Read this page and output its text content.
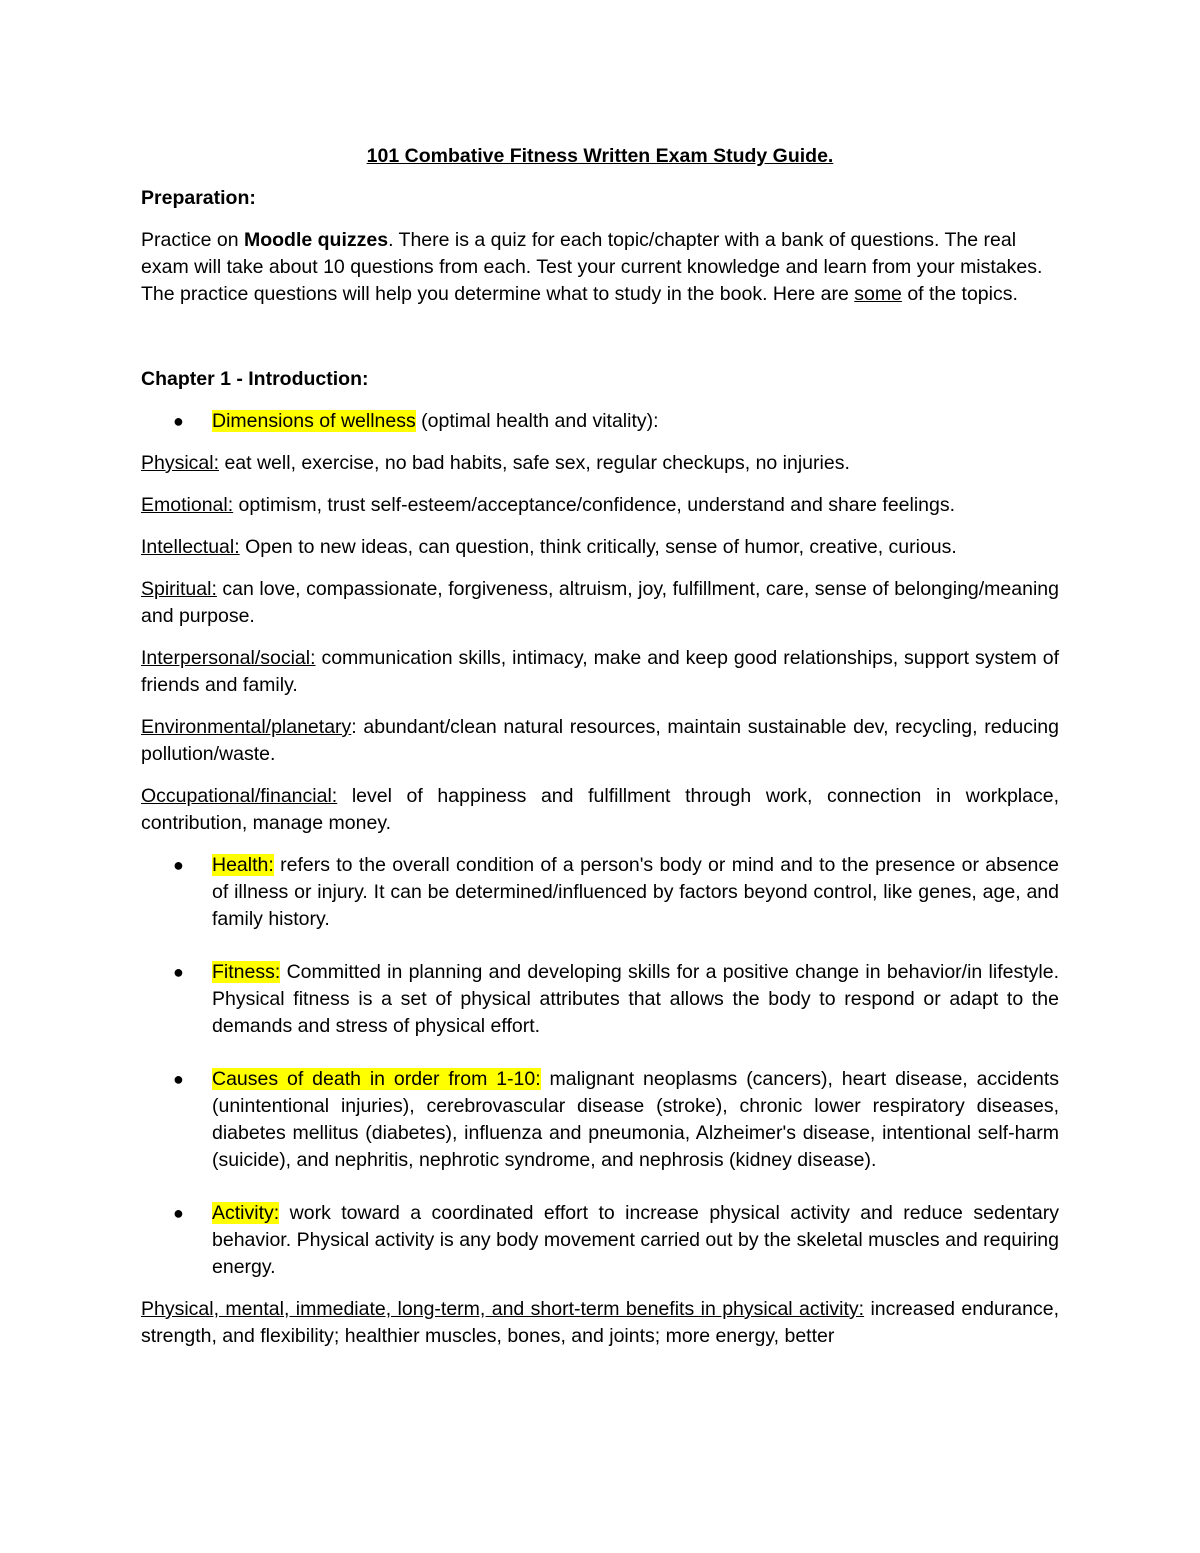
101 Combative Fitness Written Exam Study Guide.
Preparation:

Practice on Moodle quizzes. There is a quiz for each topic/chapter with a bank of questions. The real exam will take about 10 questions from each. Test your current knowledge and learn from your mistakes. The practice questions will help you determine what to study in the book. Here are some of the topics.

Chapter 1 - Introduction:
● Dimensions of wellness (optimal health and vitality):

Physical: eat well, exercise, no bad habits, safe sex, regular checkups, no injuries.

Emotional: optimism, trust self-esteem/acceptance/confidence, understand and share feelings.

Intellectual: Open to new ideas, can question, think critically, sense of humor, creative, curious.

Spiritual: can love, compassionate, forgiveness, altruism, joy, fulfillment, care, sense of belonging/meaning and purpose.

Interpersonal/social: communication skills, intimacy, make and keep good relationships, support system of friends and family.

Environmental/planetary: abundant/clean natural resources, maintain sustainable dev, recycling, reducing pollution/waste.

Occupational/financial: level of happiness and fulfillment through work, connection in workplace, contribution, manage money.

● Health: refers to the overall condition of a person's body or mind and to the presence or absence of illness or injury. It can be determined/influenced by factors beyond control, like genes, age, and family history.
● Fitness: Committed in planning and developing skills for a positive change in behavior/in lifestyle. Physical fitness is a set of physical attributes that allows the body to respond or adapt to the demands and stress of physical effort.
● Causes of death in order from 1-10: malignant neoplasms (cancers), heart disease, accidents (unintentional injuries), cerebrovascular disease (stroke), chronic lower respiratory diseases, diabetes mellitus (diabetes), influenza and pneumonia, Alzheimer's disease, intentional self-harm (suicide), and nephritis, nephrotic syndrome, and nephrosis (kidney disease).
● Activity: work toward a coordinated effort to increase physical activity and reduce sedentary behavior. Physical activity is any body movement carried out by the skeletal muscles and requiring energy.

Physical, mental, immediate, long-term, and short-term benefits in physical activity: increased endurance, strength, and flexibility; healthier muscles, bones, and joints; more energy, better
